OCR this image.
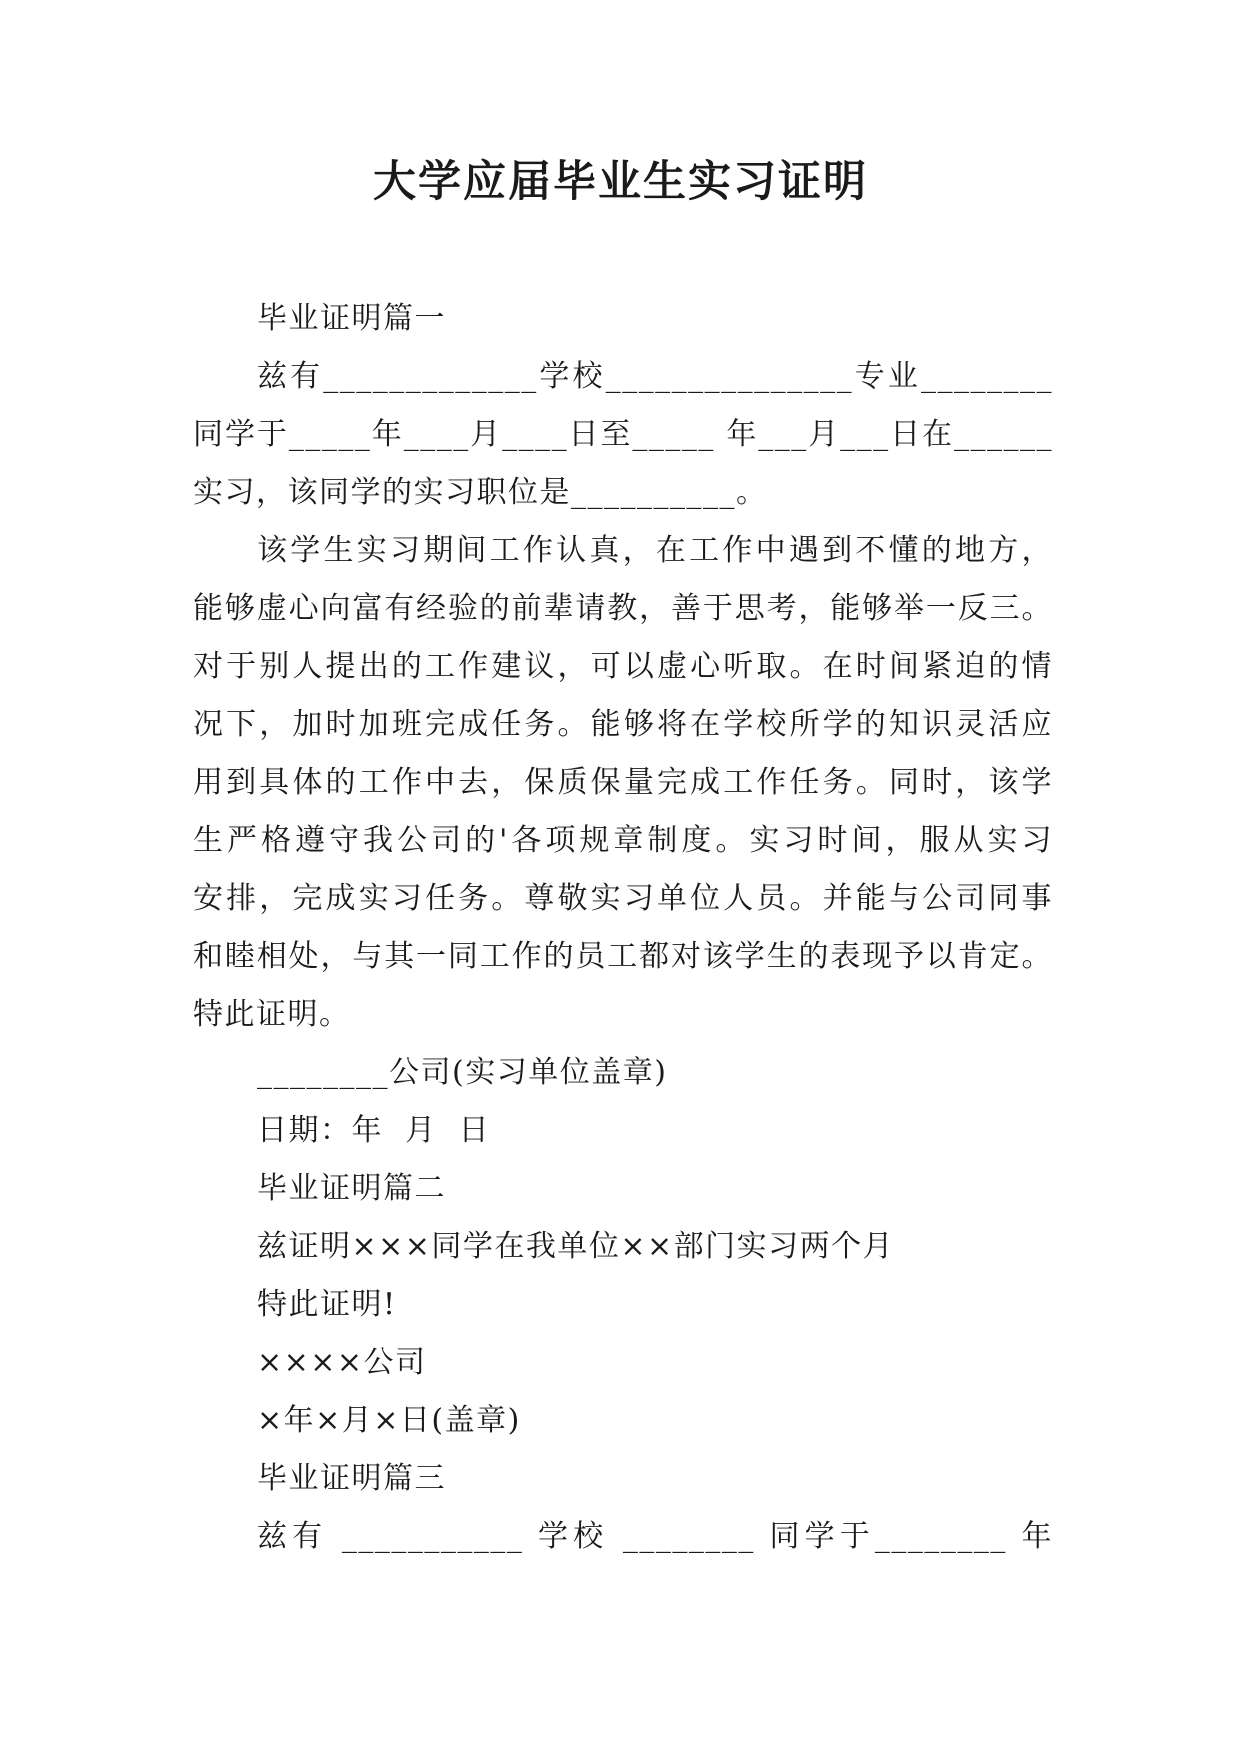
大学应届毕业生实习证明
毕业证明篇一
兹有_____________学校_______________专业________
同学于_____年____月____日至_____ 年___月___日在______
实习，该同学的实习职位是__________。
该学生实习期间工作认真，在工作中遇到不懂的地方，
能够虚心向富有经验的前辈请教，善于思考，能够举一反三。
对于别人提出的工作建议，可以虚心听取。在时间紧迫的情
况下，加时加班完成任务。能够将在学校所学的知识灵活应
用到具体的工作中去，保质保量完成工作任务。同时，该学
生严格遵守我公司的'各项规章制度。实习时间，服从实习
安排，完成实习任务。尊敬实习单位人员。并能与公司同事
和睦相处，与其一同工作的员工都对该学生的表现予以肯定。
特此证明。
________公司(实习单位盖章)
日期：年  月  日
毕业证明篇二
兹证明×××同学在我单位××部门实习两个月
特此证明!
××××公司
×年×月×日(盖章)
毕业证明篇三
兹有 ___________ 学校 ________ 同学于________ 年
